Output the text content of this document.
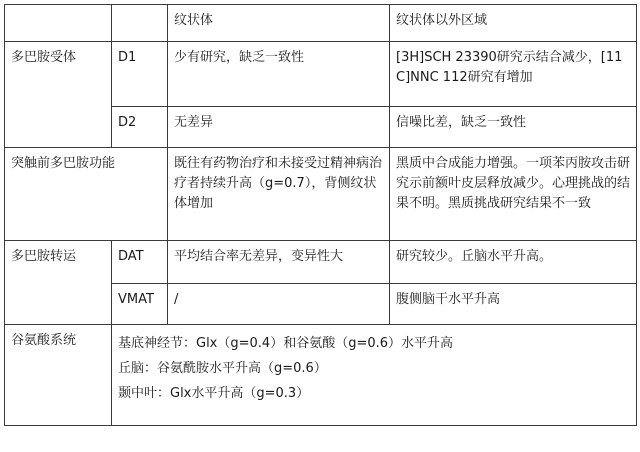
		纹状体	纹状体以外区域
多巴胺受体	D1	少有研究，缺乏一致性	[3H]SCH 23390研究示结合减少，[11C]NNC 112研究有增加
	D2	无差异	信噪比差，缺乏一致性
突触前多巴胺功能		既往有药物治疗和未接受过精神病治疗者持续升高（g=0.7），背侧纹状体增加	黑质中合成能力增强。一项苯丙胺攻击研究示前额叶皮层释放减少。心理挑战的结果不明。黑质挑战研究结果不一致
多巴胺转运	DAT	平均结合率无差异，变异性大	研究较少。丘脑水平升高。
	VMAT	/	腹侧脑干水平升高
谷氨酸系统	基底神经节：Glx（g=0.4）和谷氨酸（g=0.6）水平升高
丘脑：谷氨酰胺水平升高（g=0.6）
颞中叶：Glx水平升高（g=0.3）		
